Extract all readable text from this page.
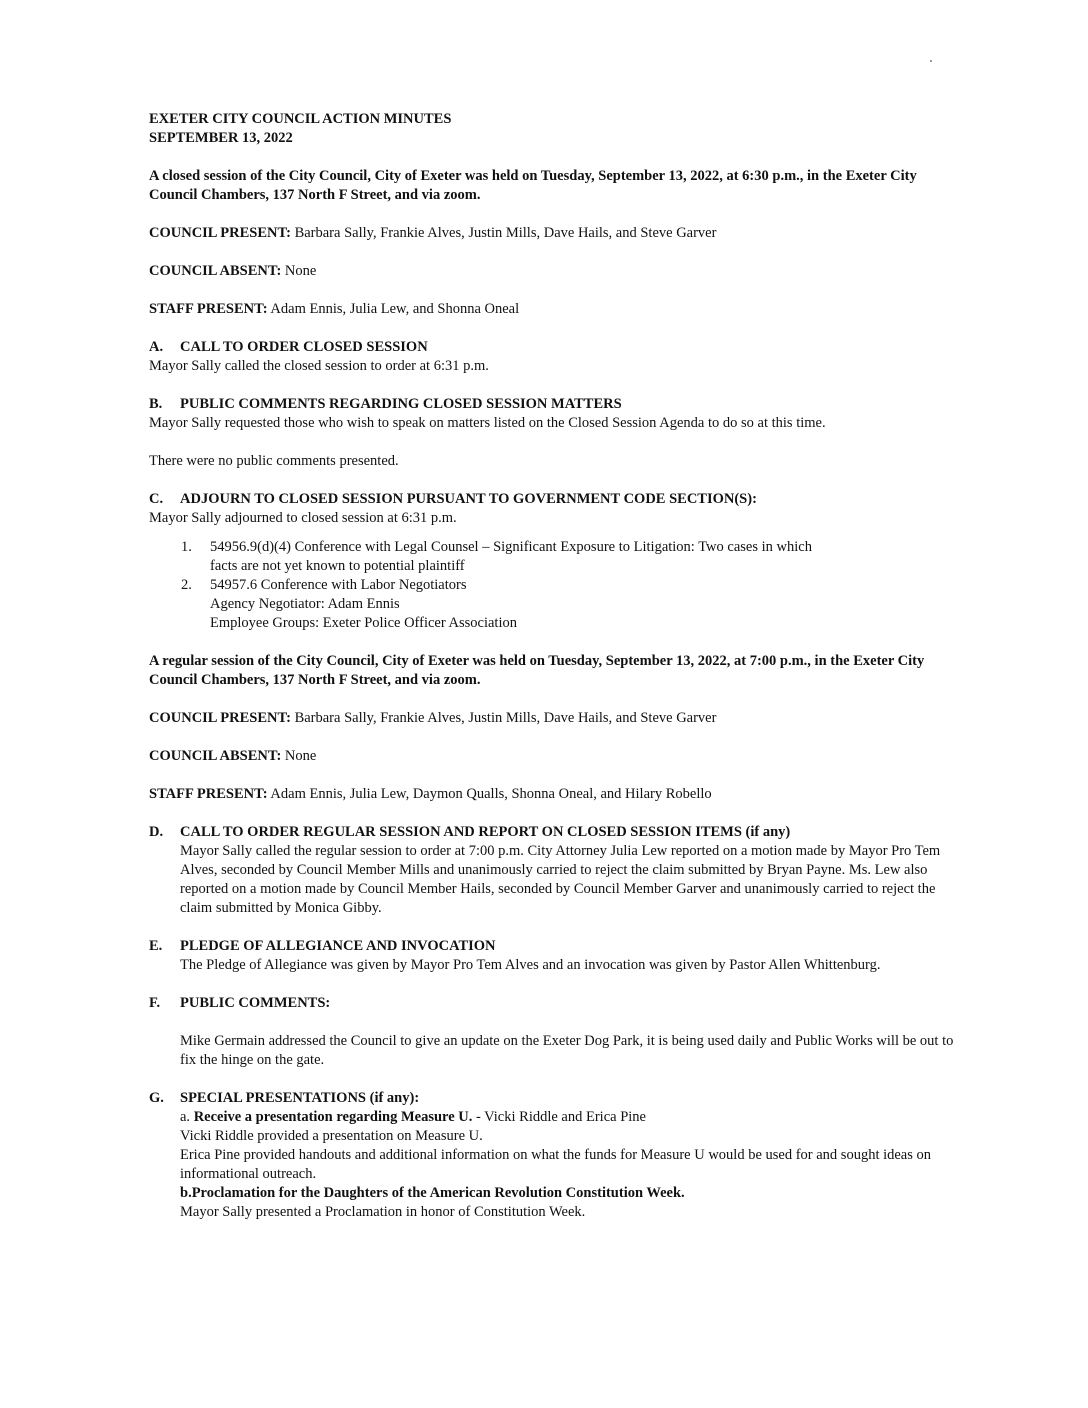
EXETER CITY COUNCIL ACTION MINUTES

SEPTEMBER 13, 2022

A closed session of the City Council, City of Exeter was held on Tuesday, September 13, 2022, at 6:30 p.m., in the Exeter City Council Chambers, 137 North F Street, and via zoom.

COUNCIL PRESENT: Barbara Sally, Frankie Alves, Justin Mills, Dave Hails, and Steve Garver

COUNCIL ABSENT: None

STAFF PRESENT: Adam Ennis, Julia Lew, and Shonna Oneal

A. CALL TO ORDER CLOSED SESSION

Mayor Sally called the closed session to order at 6:31 p.m.

B. PUBLIC COMMENTS REGARDING CLOSED SESSION MATTERS

Mayor Sally requested those who wish to speak on matters listed on the Closed Session Agenda to do so at this time.

There were no public comments presented.

C. ADJOURN TO CLOSED SESSION PURSUANT TO GOVERNMENT CODE SECTION(S):

Mayor Sally adjourned to closed session at 6:31 p.m.

1. 54956.9(d)(4) Conference with Legal Counsel – Significant Exposure to Litigation: Two cases in which
facts are not yet known to potential plaintiff
2. 54957.6 Conference with Labor Negotiators
Agency Negotiator: Adam Ennis
Employee Groups: Exeter Police Officer Association

A regular session of the City Council, City of Exeter was held on Tuesday, September 13, 2022, at 7:00 p.m., in the Exeter City Council Chambers, 137 North F Street, and via zoom.

COUNCIL PRESENT: Barbara Sally, Frankie Alves, Justin Mills, Dave Hails, and Steve Garver

COUNCIL ABSENT: None

STAFF PRESENT: Adam Ennis, Julia Lew, Daymon Qualls, Shonna Oneal, and Hilary Robello

D. CALL TO ORDER REGULAR SESSION AND REPORT ON CLOSED SESSION ITEMS (if any)

Mayor Sally called the regular session to order at 7:00 p.m. City Attorney Julia Lew reported on a motion made by Mayor Pro Tem Alves, seconded by Council Member Mills and unanimously carried to reject the claim submitted by Bryan Payne. Ms. Lew also reported on a motion made by Council Member Hails, seconded by Council Member Garver and unanimously carried to reject the claim submitted by Monica Gibby.

E. PLEDGE OF ALLEGIANCE AND INVOCATION

The Pledge of Allegiance was given by Mayor Pro Tem Alves and an invocation was given by Pastor Allen Whittenburg.

F. PUBLIC COMMENTS:

Mike Germain addressed the Council to give an update on the Exeter Dog Park, it is being used daily and Public Works will be out to fix the hinge on the gate.

G. SPECIAL PRESENTATIONS (if any):

a. Receive a presentation regarding Measure U. - Vicki Riddle and Erica Pine

Vicki Riddle provided a presentation on Measure U.

Erica Pine provided handouts and additional information on what the funds for Measure U would be used for and sought ideas on informational outreach.

b.Proclamation for the Daughters of the American Revolution Constitution Week.

Mayor Sally presented a Proclamation in honor of Constitution Week.
